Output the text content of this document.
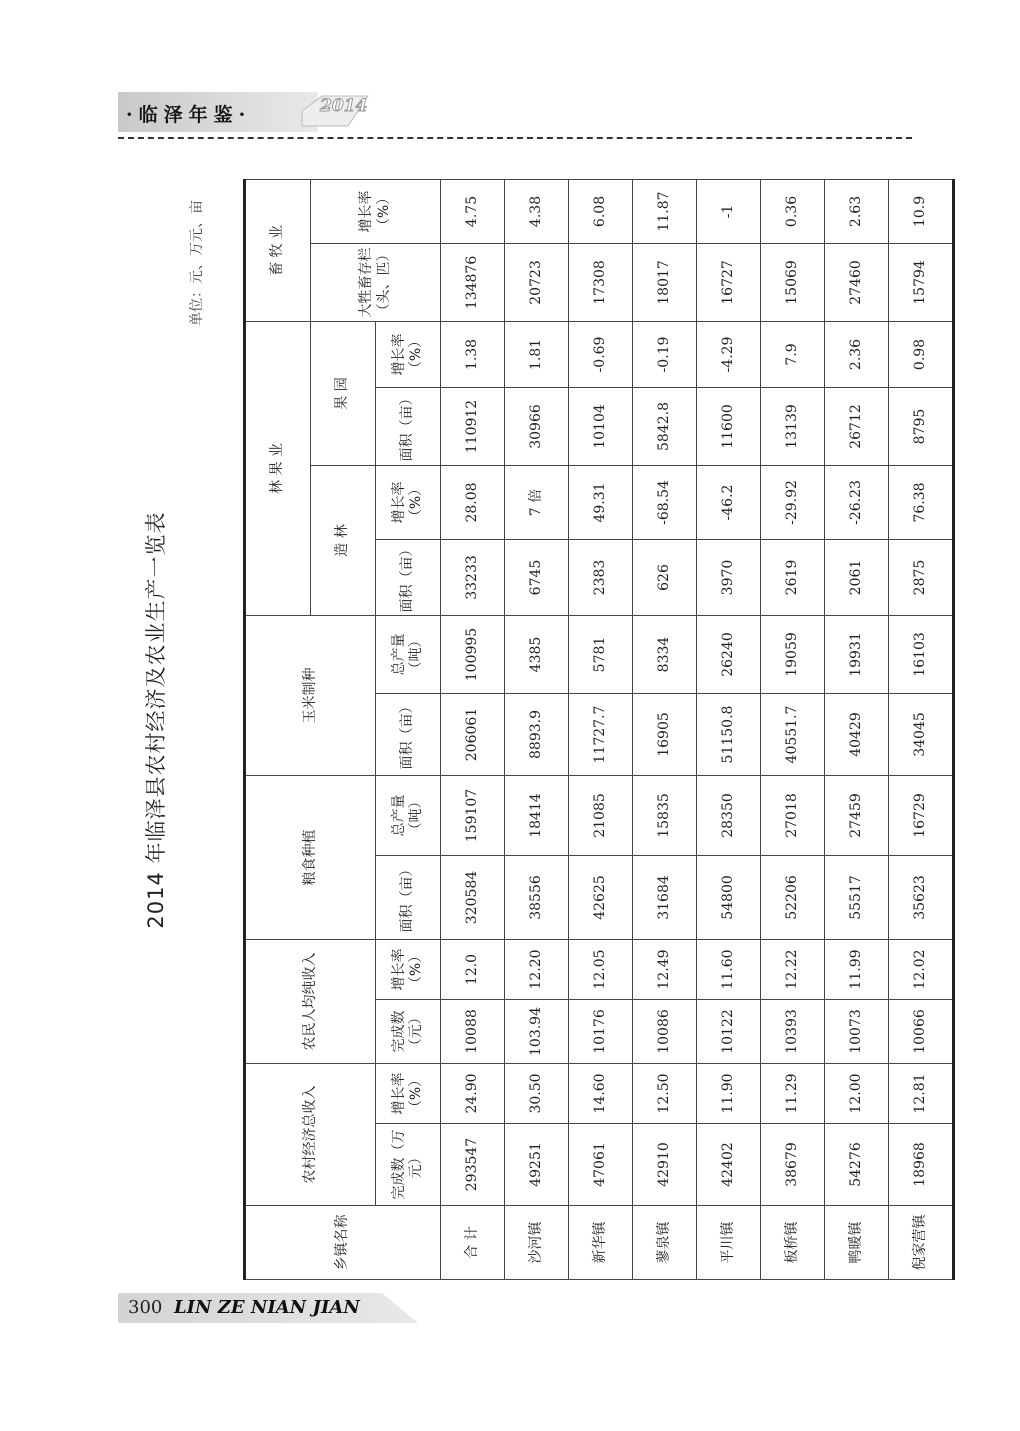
·临泽年鉴·	2014
2014 年临泽县农村经济及农业生产一览表
单位：元、万元、亩
乡镇名称	农村经济总收入		农民人均纯收入		粮食种植		玉米制种		林 果 业				畜 牧 业	
									造 林		果 园		大牲畜存栏（头、匹）	增长率（%）
	完成数（万元）	增长率（%）	完成数（元）	增长率（%）	面积（亩）	总产量（吨）	面积（亩）	总产量（吨）	面积（亩）	增长率（%）	面积（亩）	增长率（%）		
合 计	293547	24.90	10088	12.0	320584	159107	206061	100995	33233	28.08	110912	1.38	134876	4.75
沙河镇	49251	30.50	103.94	12.20	38556	18414	8893.9	4385	6745	7 倍	30966	1.81	20723	4.38
新华镇	47061	14.60	10176	12.05	42625	21085	11727.7	5781	2383	49.31	10104	-0.69	17308	6.08
蓼泉镇	42910	12.50	10086	12.49	31684	15835	16905	8334	626	-68.54	5842.8	-0.19	18017	11.87
平川镇	42402	11.90	10122	11.60	54800	28350	51150.8	26240	3970	-46.2	11600	-4.29	16727	-1
板桥镇	38679	11.29	10393	12.22	52206	27018	40551.7	19059	2619	-29.92	13139	7.9	15069	0.36
鸭暖镇	54276	12.00	10073	11.99	55517	27459	40429	19931	2061	-26.23	26712	2.36	27460	2.63
倪家营镇	18968	12.81	10066	12.02	35623	16729	34045	16103	2875	76.38	8795	0.98	15794	10.9
300 LIN ZE NIAN JIAN
